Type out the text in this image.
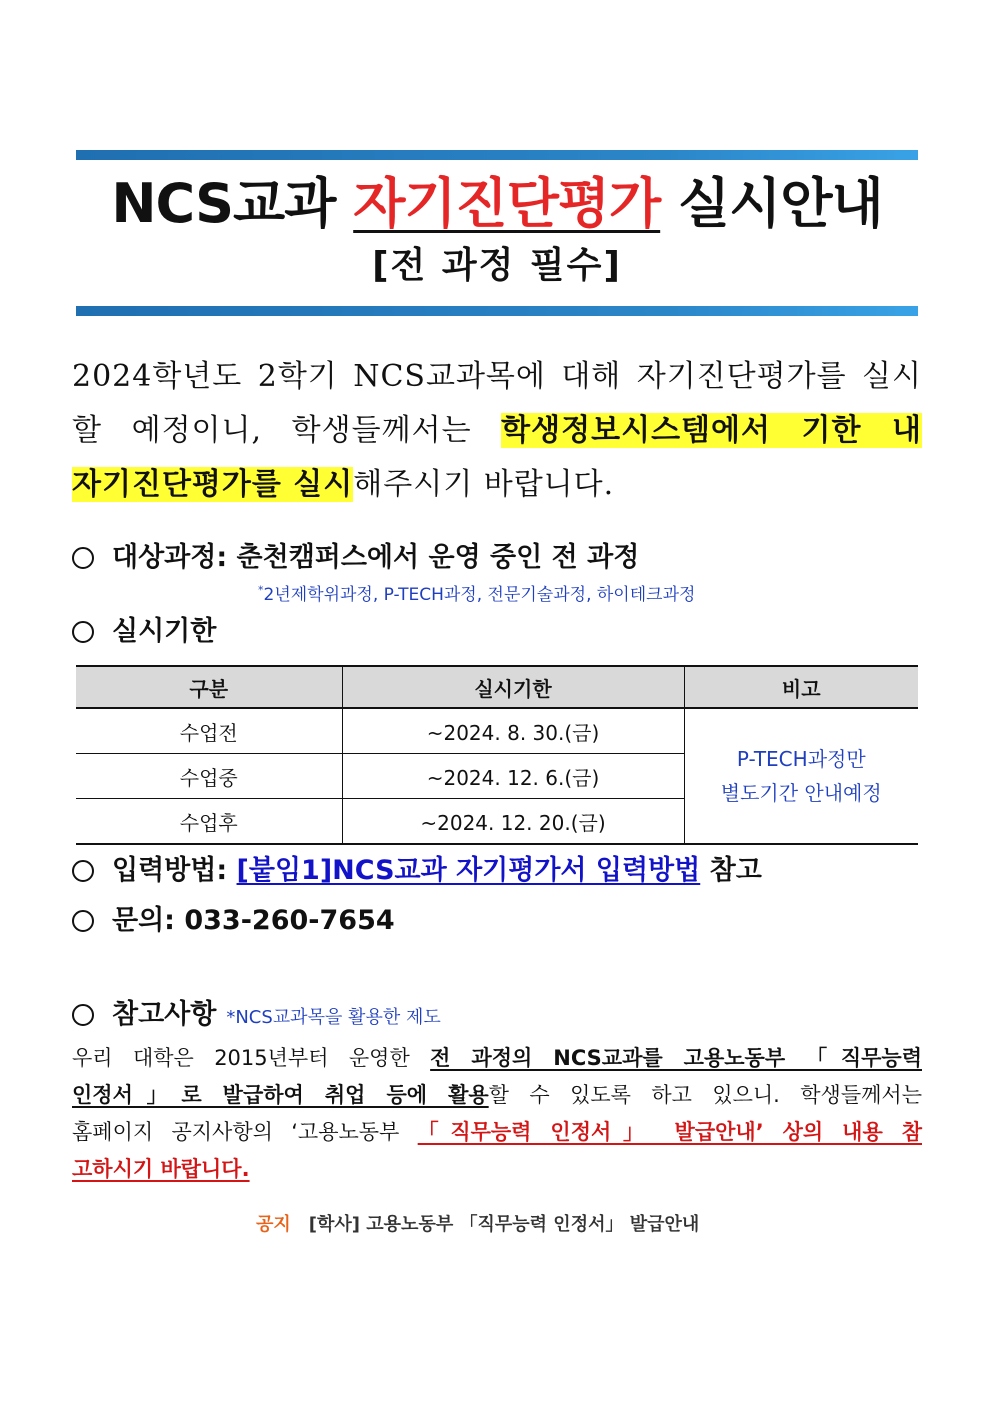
NCS교과 자기진단평가 실시안내
[전 과정 필수]
2024학년도 2학기 NCS교과목에 대해 자기진단평가를 실시
할 예정이니, 학생들께서는 학생정보시스템에서 기한 내
자기진단평가를 실시해주시기 바랍니다.
대상과정: 춘천캠퍼스에서 운영 중인 전 과정
*2년제학위과정, P-TECH과정, 전문기술과정, 하이테크과정
실시기한
구분	실시기한	비고
수업전	~2024. 8. 30.(금)	P-TECH과정만
별도기간 안내예정

수업중	~2024. 12. 6.(금)	
수업후	~2024. 12. 20.(금)	
입력방법: [붙임1]NCS교과 자기평가서 입력방법 참고
문의: 033-260-7654
참고사항 *NCS교과목을 활용한 제도
우리 대학은 2015년부터 운영한 전 과정의 NCS교과를 고용노동부 「직무능력
인정서」로 발급하여 취업 등에 활용할 수 있도록 하고 있으니. 학생들께서는
홈페이지 공지사항의 ‘고용노동부 「직무능력 인정서」 발급안내’ 상의 내용 참
고하시기 바랍니다.
공지 [학사] 고용노동부 「직무능력 인정서」 발급안내
